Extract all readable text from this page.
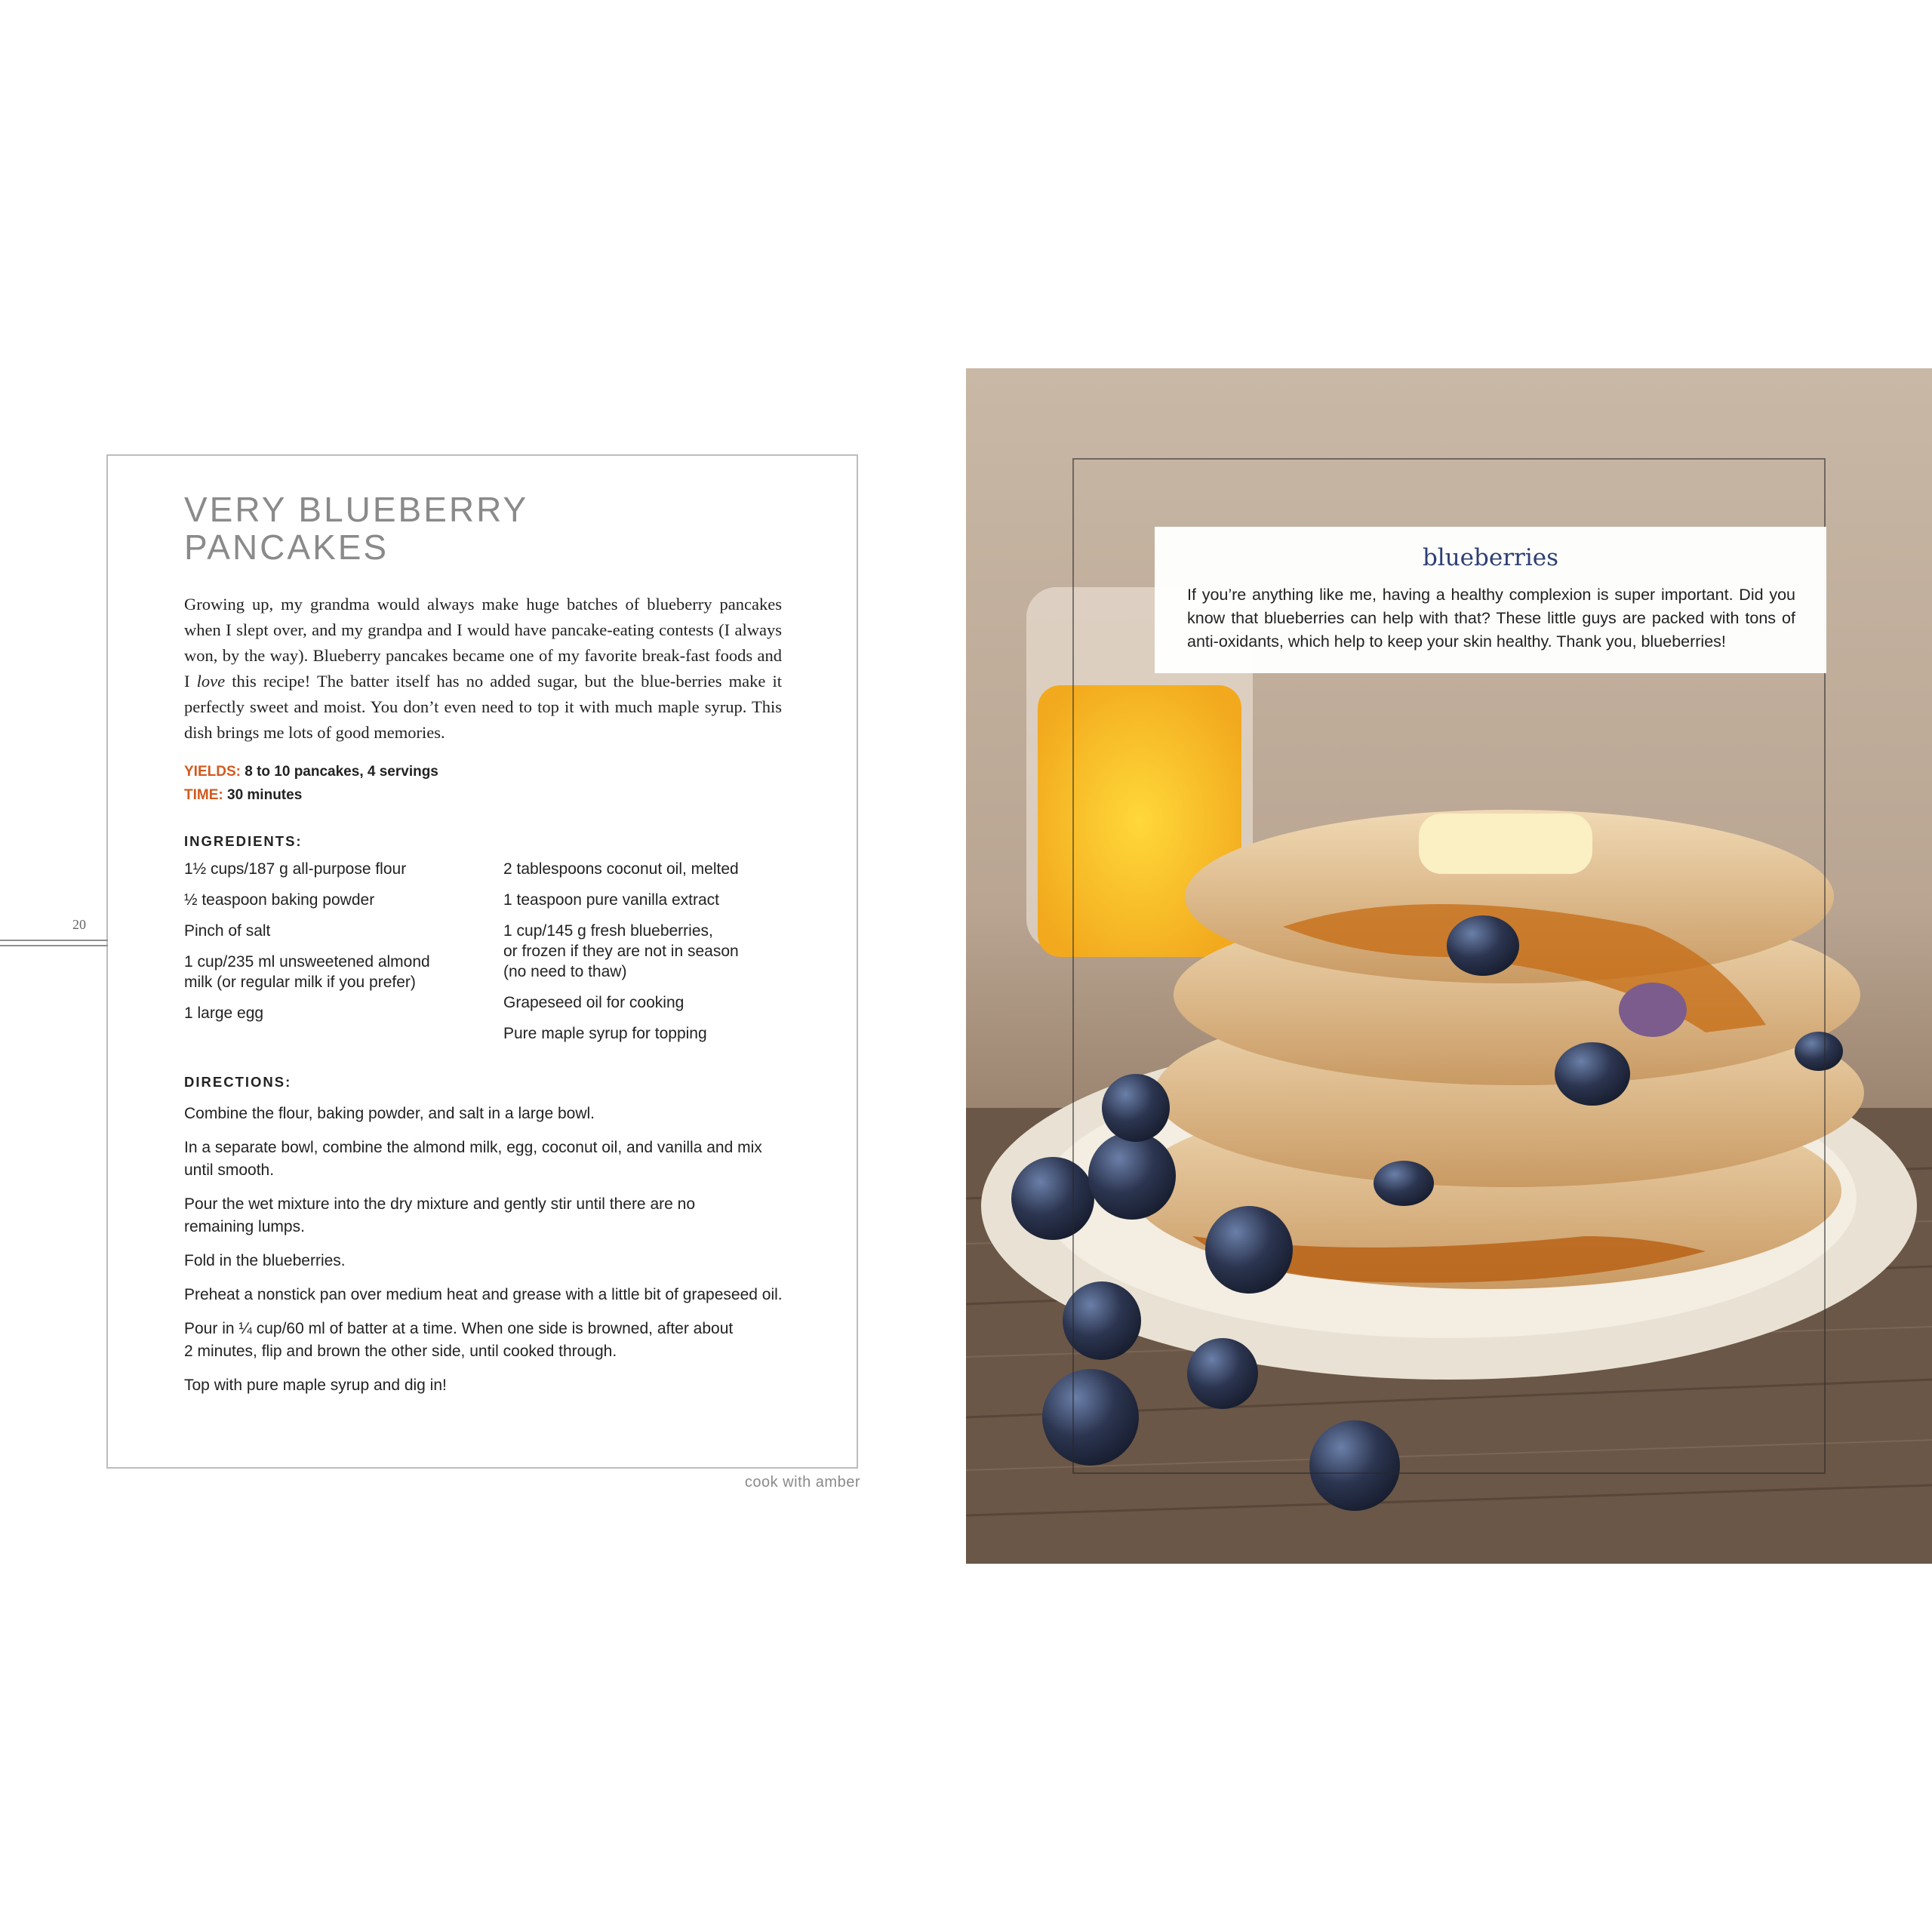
VERY BLUEBERRY
PANCAKES

Growing up, my grandma would always make huge batches of blueberry pancakes when I slept over, and my grandpa and I would have pancake-eating contests (I always won, by the way). Blueberry pancakes became one of my favorite break-fast foods and I love this recipe! The batter itself has no added sugar, but the blue-berries make it perfectly sweet and moist. You don’t even need to top it with much maple syrup. This dish brings me lots of good memories.

YIELDS: 8 to 10 pancakes, 4 servings
TIME: 30 minutes
INGREDIENTS:
1½ cups/187 g all-purpose flour
½ teaspoon baking powder
Pinch of salt
1 cup/235 ml unsweetened almond
milk (or regular milk if you prefer)
1 large egg
2 tablespoons coconut oil, melted
1 teaspoon pure vanilla extract
1 cup/145 g fresh blueberries,
or frozen if they are not in season
(no need to thaw)
Grapeseed oil for cooking
Pure maple syrup for topping
DIRECTIONS:
Combine the flour, baking powder, and salt in a large bowl.
In a separate bowl, combine the almond milk, egg, coconut oil, and vanilla and mix
until smooth.
Pour the wet mixture into the dry mixture and gently stir until there are no
remaining lumps.
Fold in the blueberries.
Preheat a nonstick pan over medium heat and grease with a little bit of grapeseed oil.
Pour in ¼ cup/60 ml of batter at a time. When one side is browned, after about
2 minutes, flip and brown the other side, until cooked through.
Top with pure maple syrup and dig in!
20
cook with amber
blueberries
If you’re anything like me, having a healthy complexion is super important. Did you know that blueberries can help with that? These little guys are packed with tons of anti-oxidants, which help to keep your skin healthy. Thank you, blueberries!
